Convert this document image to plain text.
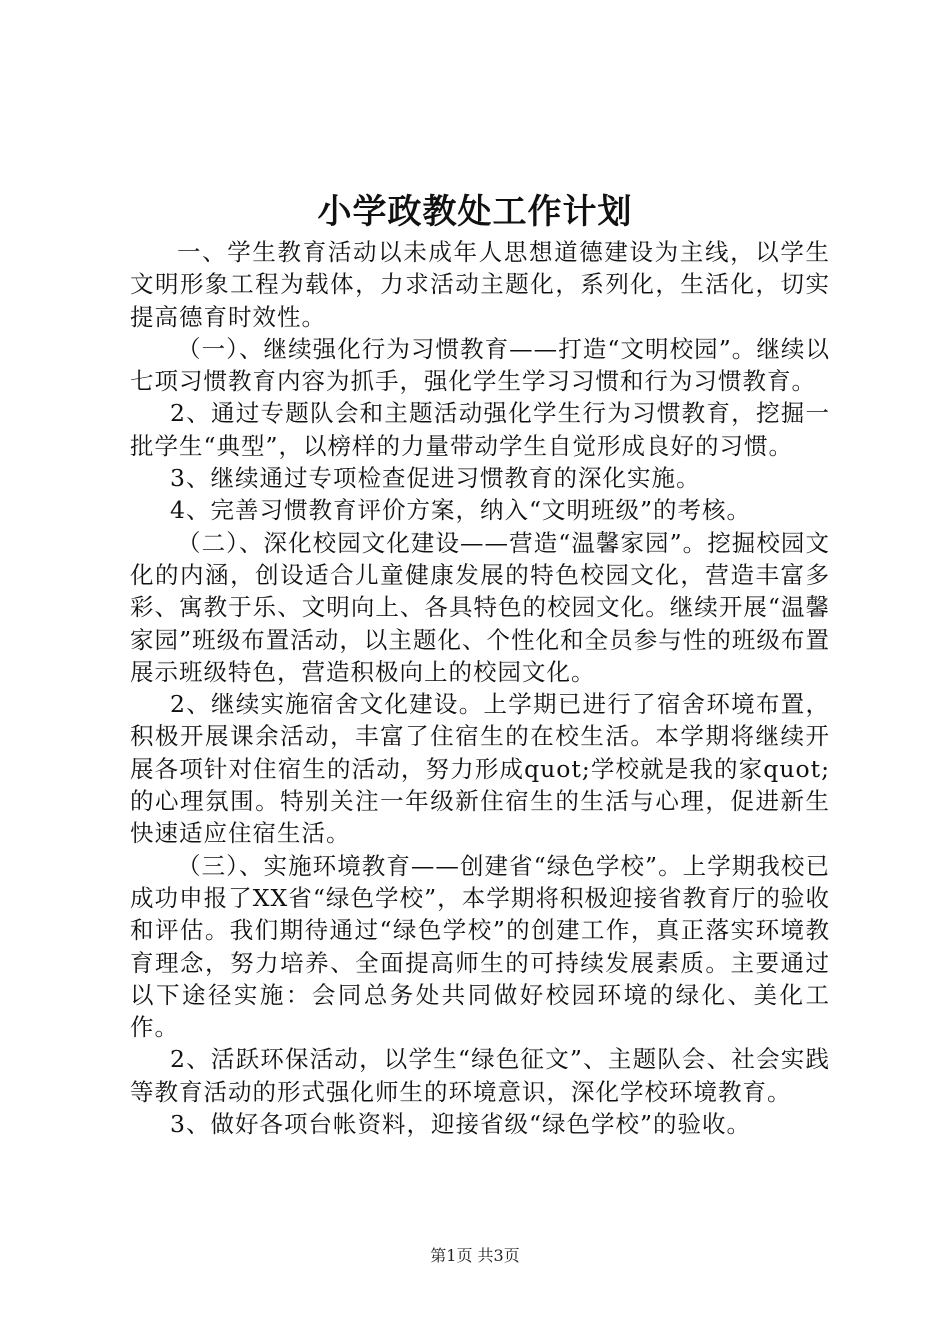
小学政教处工作计划

一、学生教育活动以未成年人思想道德建设为主线，以学生文明形象工程为载体，力求活动主题化，系列化，生活化，切实提高德育时效性。

（一）、继续强化行为习惯教育——打造“文明校园”。继续以七项习惯教育内容为抓手，强化学生学习习惯和行为习惯教育。

2、通过专题队会和主题活动强化学生行为习惯教育，挖掘一批学生“典型”，以榜样的力量带动学生自觉形成良好的习惯。

3、继续通过专项检查促进习惯教育的深化实施。

4、完善习惯教育评价方案，纳入“文明班级”的考核。

（二）、深化校园文化建设——营造“温馨家园”。挖掘校园文化的内涵，创设适合儿童健康发展的特色校园文化，营造丰富多彩、寓教于乐、文明向上、各具特色的校园文化。继续开展“温馨家园”班级布置活动，以主题化、个性化和全员参与性的班级布置展示班级特色，营造积极向上的校园文化。

2、继续实施宿舍文化建设。上学期已进行了宿舍环境布置，积极开展课余活动，丰富了住宿生的在校生活。本学期将继续开展各项针对住宿生的活动，努力形成quot;学校就是我的家quot;的心理氛围。特别关注一年级新住宿生的生活与心理，促进新生快速适应住宿生活。

（三）、实施环境教育——创建省“绿色学校”。上学期我校已成功申报了XX省“绿色学校”，本学期将积极迎接省教育厅的验收和评估。我们期待通过“绿色学校”的创建工作，真正落实环境教育理念，努力培养、全面提高师生的可持续发展素质。主要通过以下途径实施：会同总务处共同做好校园环境的绿化、美化工作。

2、活跃环保活动，以学生“绿色征文”、主题队会、社会实践等教育活动的形式强化师生的环境意识，深化学校环境教育。

3、做好各项台帐资料，迎接省级“绿色学校”的验收。

第1页 共3页
